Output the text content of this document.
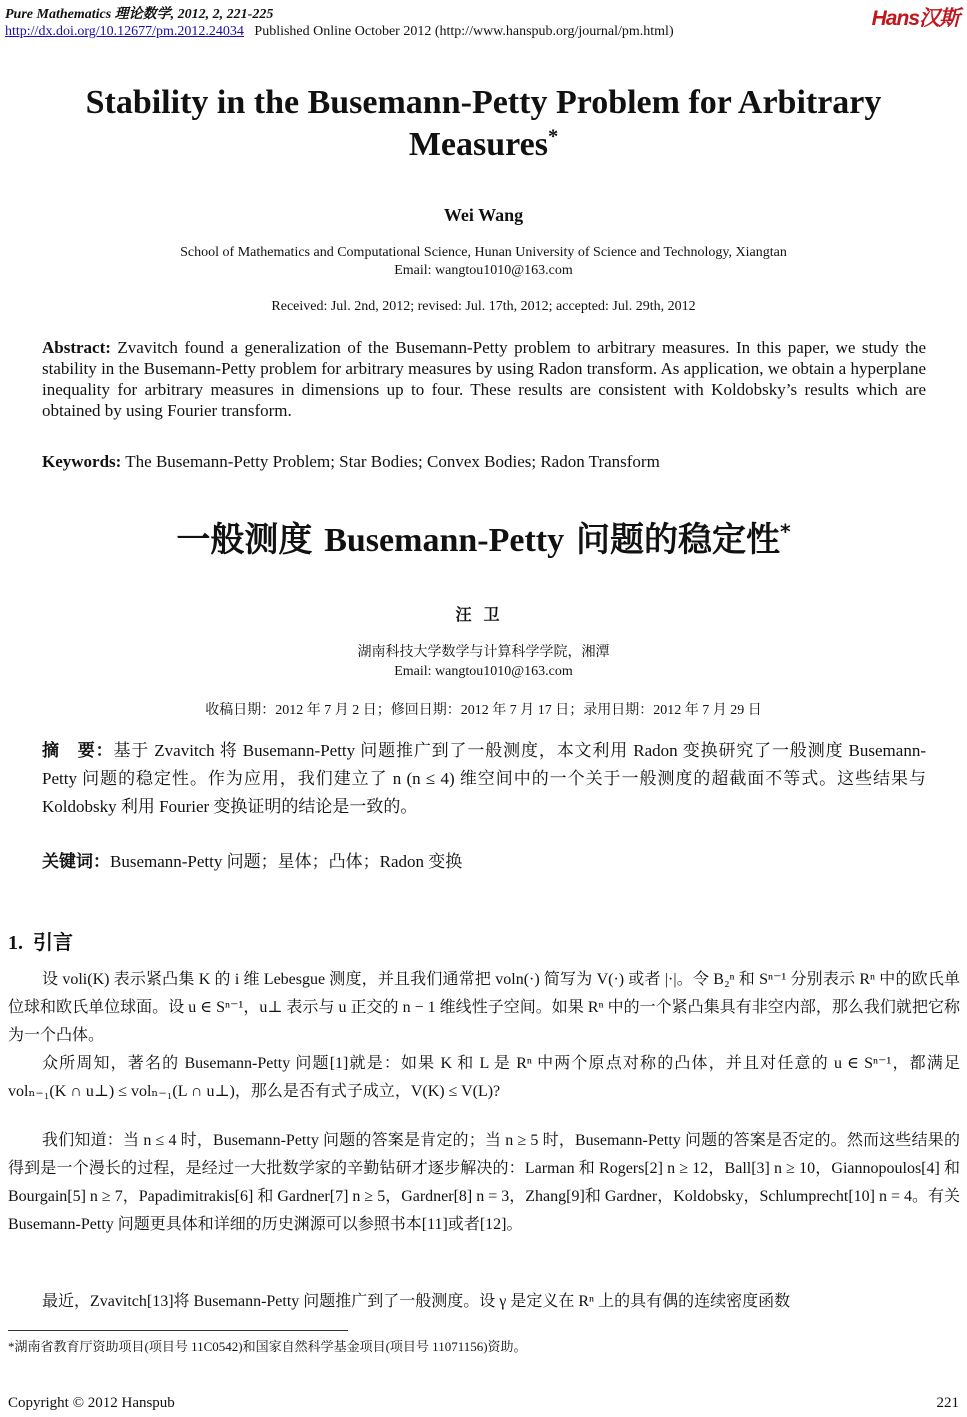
Pure Mathematics 理论数学, 2012, 2, 221-225
http://dx.doi.org/10.12677/pm.2012.24034 Published Online October 2012 (http://www.hanspub.org/journal/pm.html)
Hans汉斯
Stability in the Busemann-Petty Problem for Arbitrary Measures*
Wei Wang
School of Mathematics and Computational Science, Hunan University of Science and Technology, Xiangtan
Email: wangtou1010@163.com
Received: Jul. 2nd, 2012; revised: Jul. 17th, 2012; accepted: Jul. 29th, 2012
Abstract: Zvavitch found a generalization of the Busemann-Petty problem to arbitrary measures. In this paper, we study the stability in the Busemann-Petty problem for arbitrary measures by using Radon transform. As application, we obtain a hyperplane inequality for arbitrary measures in dimensions up to four. These results are consistent with Koldobsky’s results which are obtained by using Fourier transform.
Keywords: The Busemann-Petty Problem; Star Bodies; Convex Bodies; Radon Transform
一般测度 Busemann-Petty 问题的稳定性*
汪卫
湖南科技大学数学与计算科学学院，湘潭
Email: wangtou1010@163.com
收稿日期：2012 年 7 月 2 日；修回日期：2012 年 7 月 17 日；录用日期：2012 年 7 月 29 日
摘　要：基于 Zvavitch 将 Busemann-Petty 问题推广到了一般测度，本文利用 Radon 变换研究了一般测度 Busemann-Petty 问题的稳定性。作为应用，我们建立了 n (n ≤ 4) 维空间中的一个关于一般测度的超截面不等式。这些结果与 Koldobsky 利用 Fourier 变换证明的结论是一致的。
关键词：Busemann-Petty 问题；星体；凸体；Radon 变换
1. 引言
设 voli(K) 表示紧凸集 K 的 i 维 Lebesgue 测度，并且我们通常把 voln(·) 简写为 V(·) 或者 |·|。令 B₂ⁿ 和 Sⁿ⁻¹ 分别表示 Rⁿ 中的欧氏单位球和欧氏单位球面。设 u ∈ Sⁿ⁻¹，u⊥ 表示与 u 正交的 n − 1 维线性子空间。如果 Rⁿ 中的一个紧凸集具有非空内部，那么我们就把它称为一个凸体。
众所周知，著名的 Busemann-Petty 问题[1]就是：如果 K 和 L 是 Rⁿ 中两个原点对称的凸体，并且对任意的 u ∈ Sⁿ⁻¹，都满足 volₙ₋₁(K ∩ u⊥) ≤ volₙ₋₁(L ∩ u⊥)，那么是否有式子成立，V(K) ≤ V(L)?
我们知道：当 n ≤ 4 时，Busemann-Petty 问题的答案是肯定的；当 n ≥ 5 时，Busemann-Petty 问题的答案是否定的。然而这些结果的得到是一个漫长的过程，是经过一大批数学家的辛勤钻研才逐步解决的：Larman 和 Rogers[2] n ≥ 12，Ball[3] n ≥ 10，Giannopoulos[4] 和 Bourgain[5] n ≥ 7，Papadimitrakis[6] 和 Gardner[7] n ≥ 5，Gardner[8] n = 3，Zhang[9]和 Gardner，Koldobsky，Schlumprecht[10] n = 4。有关 Busemann-Petty 问题更具体和详细的历史渊源可以参照书本[11]或者[12]。
最近，Zvavitch[13]将 Busemann-Petty 问题推广到了一般测度。设 γ 是定义在 Rⁿ 上的具有偶的连续密度函数
*湖南省教育厅资助项目(项目号 11C0542)和国家自然科学基金项目(项目号 11071156)资助。
Copyright © 2012 Hanspub	221
